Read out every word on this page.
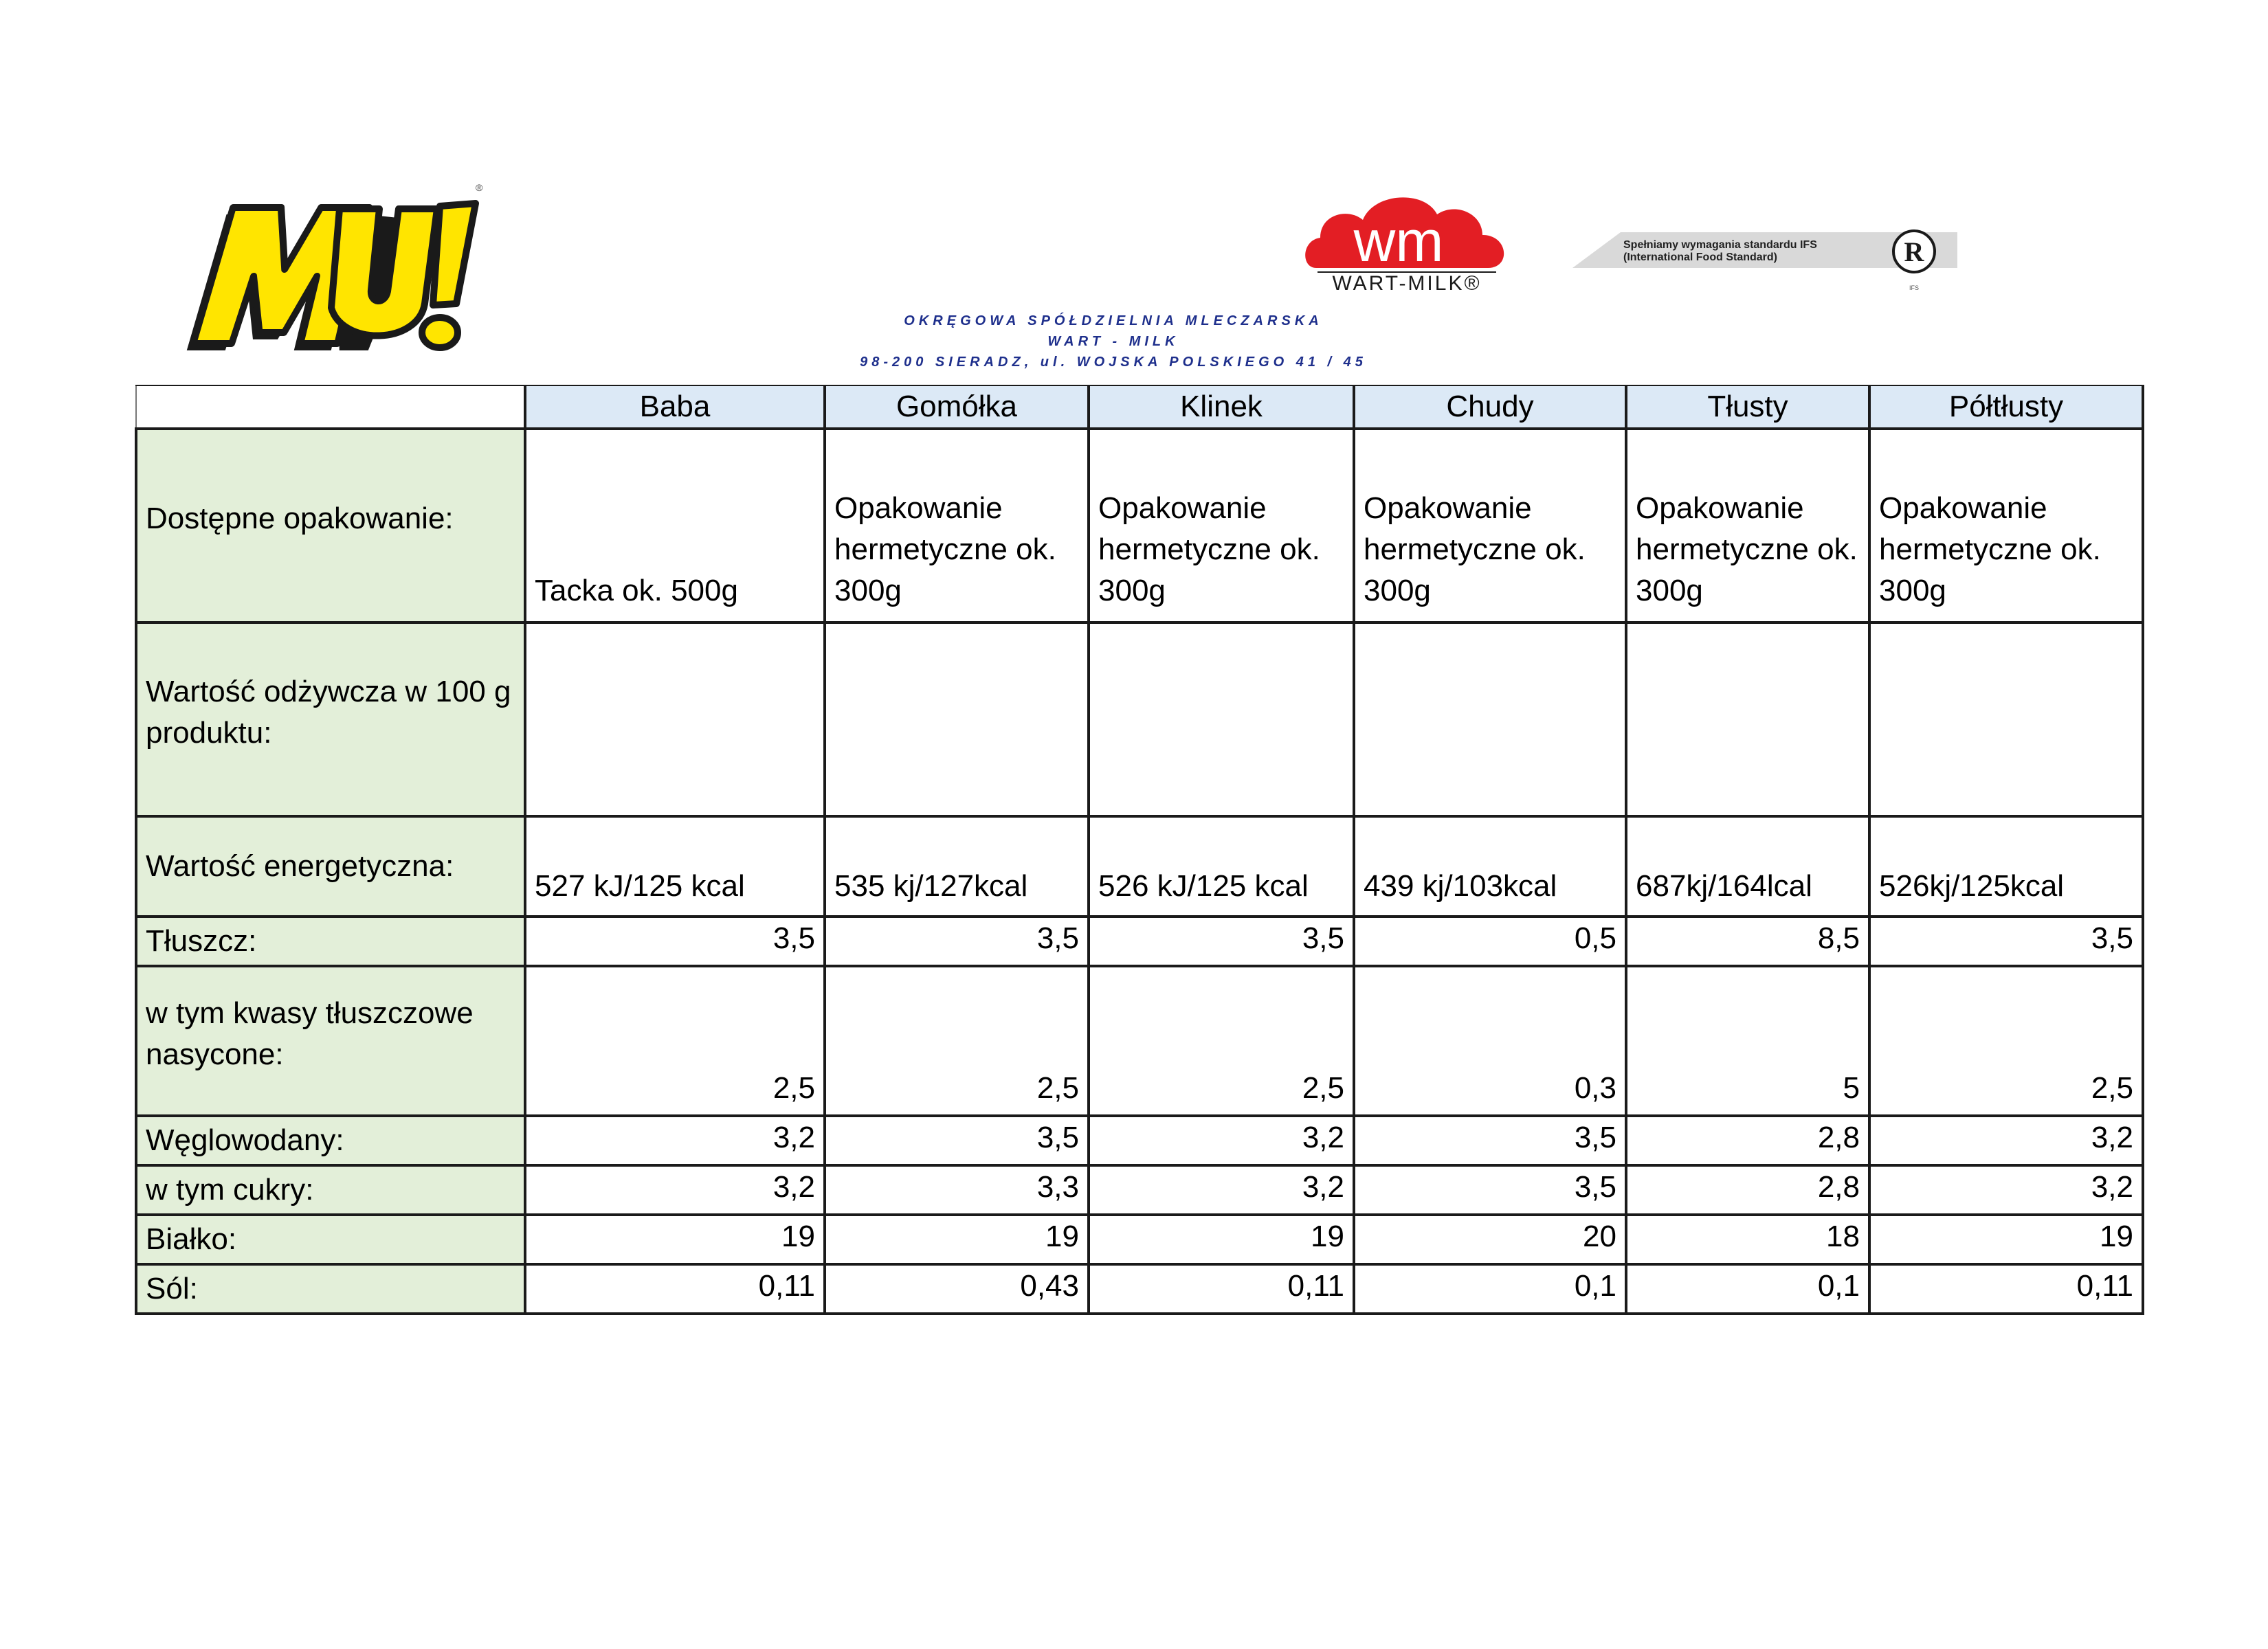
®
MU!
wm
WART-MILK®
R
IFS
Spełniamy wymagania standardu IFS
(International Food Standard)
OKRĘGOWA SPÓŁDZIELNIA MLECZARSKA
WART - MILK
98-200 SIERADZ, ul. WOJSKA POLSKIEGO 41 / 45
	Baba	Gomółka	Klinek	Chudy	Tłusty	Półtłusty
Dostępne opakowanie:	Tacka ok. 500g	Opakowanie hermetyczne ok. 300g	Opakowanie hermetyczne ok. 300g	Opakowanie hermetyczne ok. 300g	Opakowanie hermetyczne ok. 300g	Opakowanie hermetyczne ok. 300g
Wartość odżywcza w 100 g produktu:						
Wartość energetyczna:	527 kJ/125 kcal	535 kj/127kcal	526 kJ/125 kcal	439 kj/103kcal	687kj/164lcal	526kj/125kcal
Tłuszcz:	3,5	3,5	3,5	0,5	8,5	3,5
w tym kwasy tłuszczowe nasycone:	2,5	2,5	2,5	0,3	5	2,5
Węglowodany:	3,2	3,5	3,2	3,5	2,8	3,2
w tym cukry:	3,2	3,3	3,2	3,5	2,8	3,2
Białko:	19	19	19	20	18	19
Sól:	0,11	0,43	0,11	0,1	0,1	0,11
